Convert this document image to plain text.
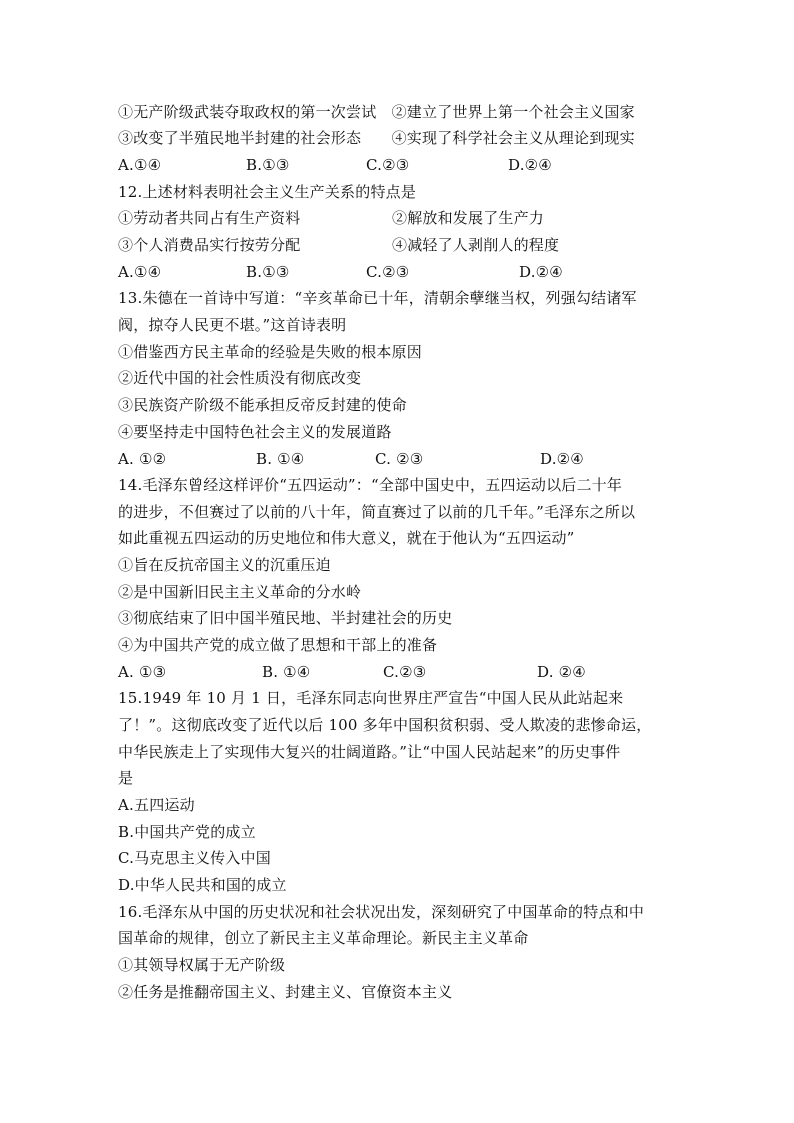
①无产阶级武装夺取政权的第一次尝试　②建立了世界上第一个社会主义国家
③改变了半殖民地半封建的社会形态　　④实现了科学社会主义从理论到现实
A.①④	B.①③	C.②③	D.②④
12.上述材料表明社会主义生产关系的特点是
①劳动者共同占有生产资料	②解放和发展了生产力
③个人消费品实行按劳分配	④减轻了人剥削人的程度
A.①④	B.①③	C.②③	D.②④
13.朱德在一首诗中写道：“辛亥革命已十年，清朝余孽继当权，列强勾结诸军
阀，掠夺人民更不堪。”这首诗表明
①借鉴西方民主革命的经验是失败的根本原因
②近代中国的社会性质没有彻底改变
③民族资产阶级不能承担反帝反封建的使命
④要坚持走中国特色社会主义的发展道路
A. ①②	B. ①④	C. ②③	D.②④
14.毛泽东曾经这样评价“五四运动”：“全部中国史中，五四运动以后二十年
的进步，不但赛过了以前的八十年，简直赛过了以前的几千年。”毛泽东之所以
如此重视五四运动的历史地位和伟大意义，就在于他认为“五四运动”
①旨在反抗帝国主义的沉重压迫
②是中国新旧民主主义革命的分水岭
③彻底结束了旧中国半殖民地、半封建社会的历史
④为中国共产党的成立做了思想和干部上的准备
A. ①③	B. ①④	C.②③	D. ②④
15.1949 年 10 月 1 日，毛泽东同志向世界庄严宣告“中国人民从此站起来
了！”。这彻底改变了近代以后 100 多年中国积贫积弱、受人欺凌的悲惨命运，
中华民族走上了实现伟大复兴的壮阔道路。”让“中国人民站起来”的历史事件
是
A.五四运动
B.中国共产党的成立
C.马克思主义传入中国
D.中华人民共和国的成立
16.毛泽东从中国的历史状况和社会状况出发，深刻研究了中国革命的特点和中
国革命的规律，创立了新民主主义革命理论。新民主主义革命
①其领导权属于无产阶级
②任务是推翻帝国主义、封建主义、官僚资本主义
